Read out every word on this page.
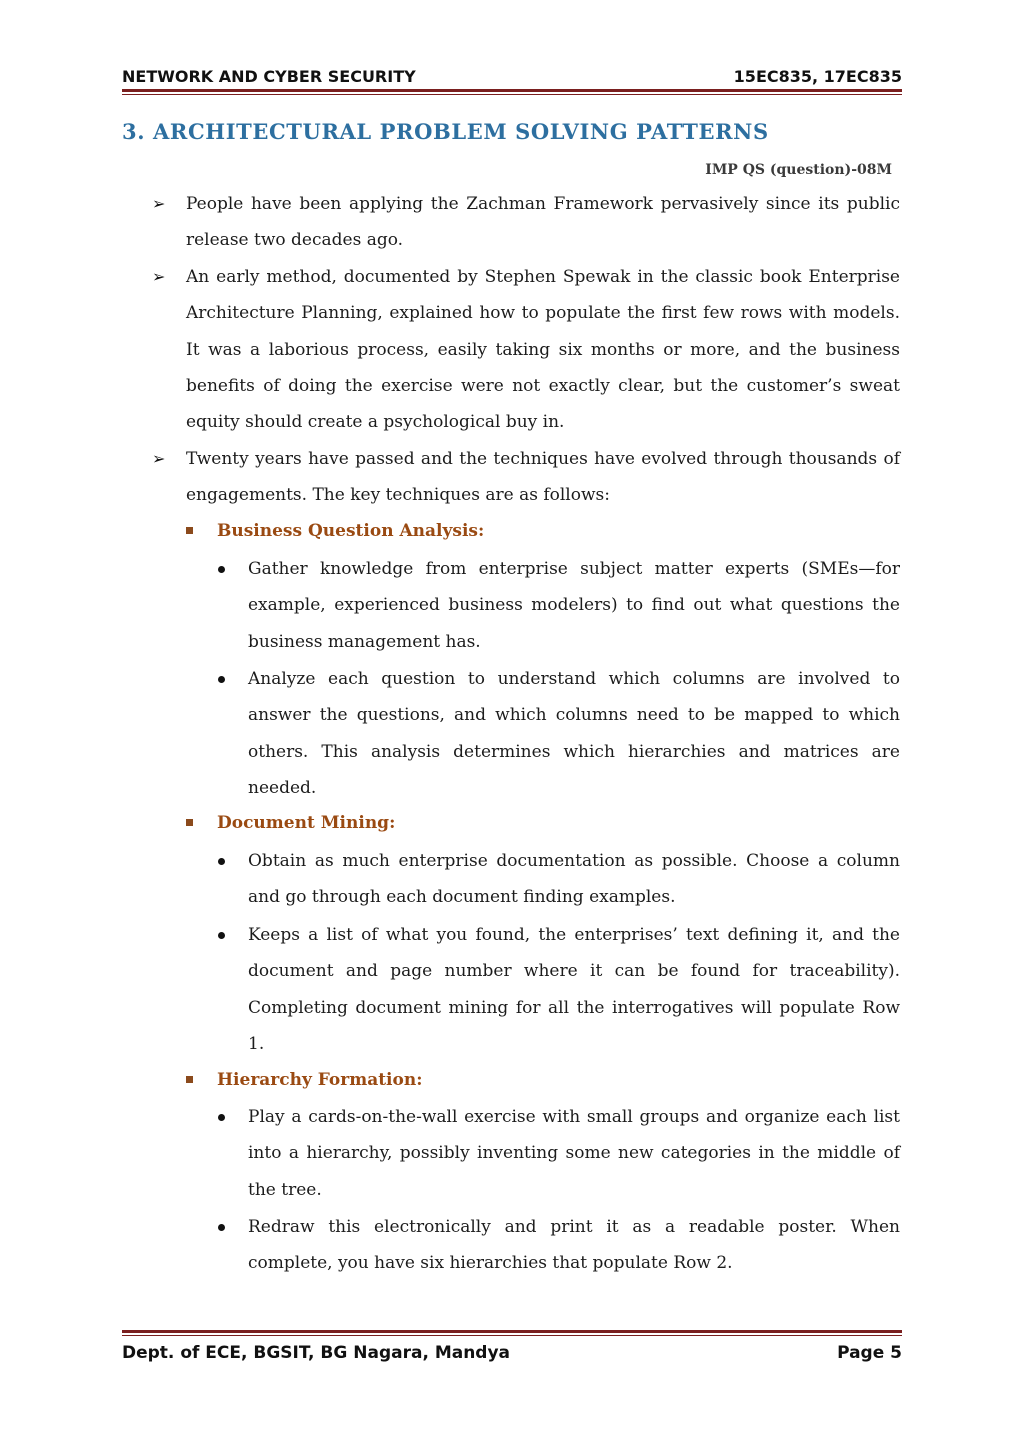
NETWORK AND CYBER SECURITY	15EC835, 17EC835
3. ARCHITECTURAL PROBLEM SOLVING PATTERNS
IMP QS (question)-08M
➢ People have been applying the Zachman Framework pervasively since its public release two decades ago.
➢ An early method, documented by Stephen Spewak in the classic book Enterprise Architecture Planning, explained how to populate the first few rows with models. It was a laborious process, easily taking six months or more, and the business benefits of doing the exercise were not exactly clear, but the customer’s sweat equity should create a psychological buy in.
➢ Twenty years have passed and the techniques have evolved through thousands of engagements. The key techniques are as follows:
Business Question Analysis:
Gather knowledge from enterprise subject matter experts (SMEs—for example, experienced business modelers) to find out what questions the business management has.
Analyze each question to understand which columns are involved to answer the questions, and which columns need to be mapped to which others. This analysis determines which hierarchies and matrices are needed.
Document Mining:
Obtain as much enterprise documentation as possible. Choose a column and go through each document finding examples.
Keeps a list of what you found, the enterprises’ text defining it, and the document and page number where it can be found for traceability). Completing document mining for all the interrogatives will populate Row 1.
Hierarchy Formation:
Play a cards-on-the-wall exercise with small groups and organize each list into a hierarchy, possibly inventing some new categories in the middle of the tree.
Redraw this electronically and print it as a readable poster. When complete, you have six hierarchies that populate Row 2.
Dept. of ECE, BGSIT, BG Nagara, Mandya	Page 5
